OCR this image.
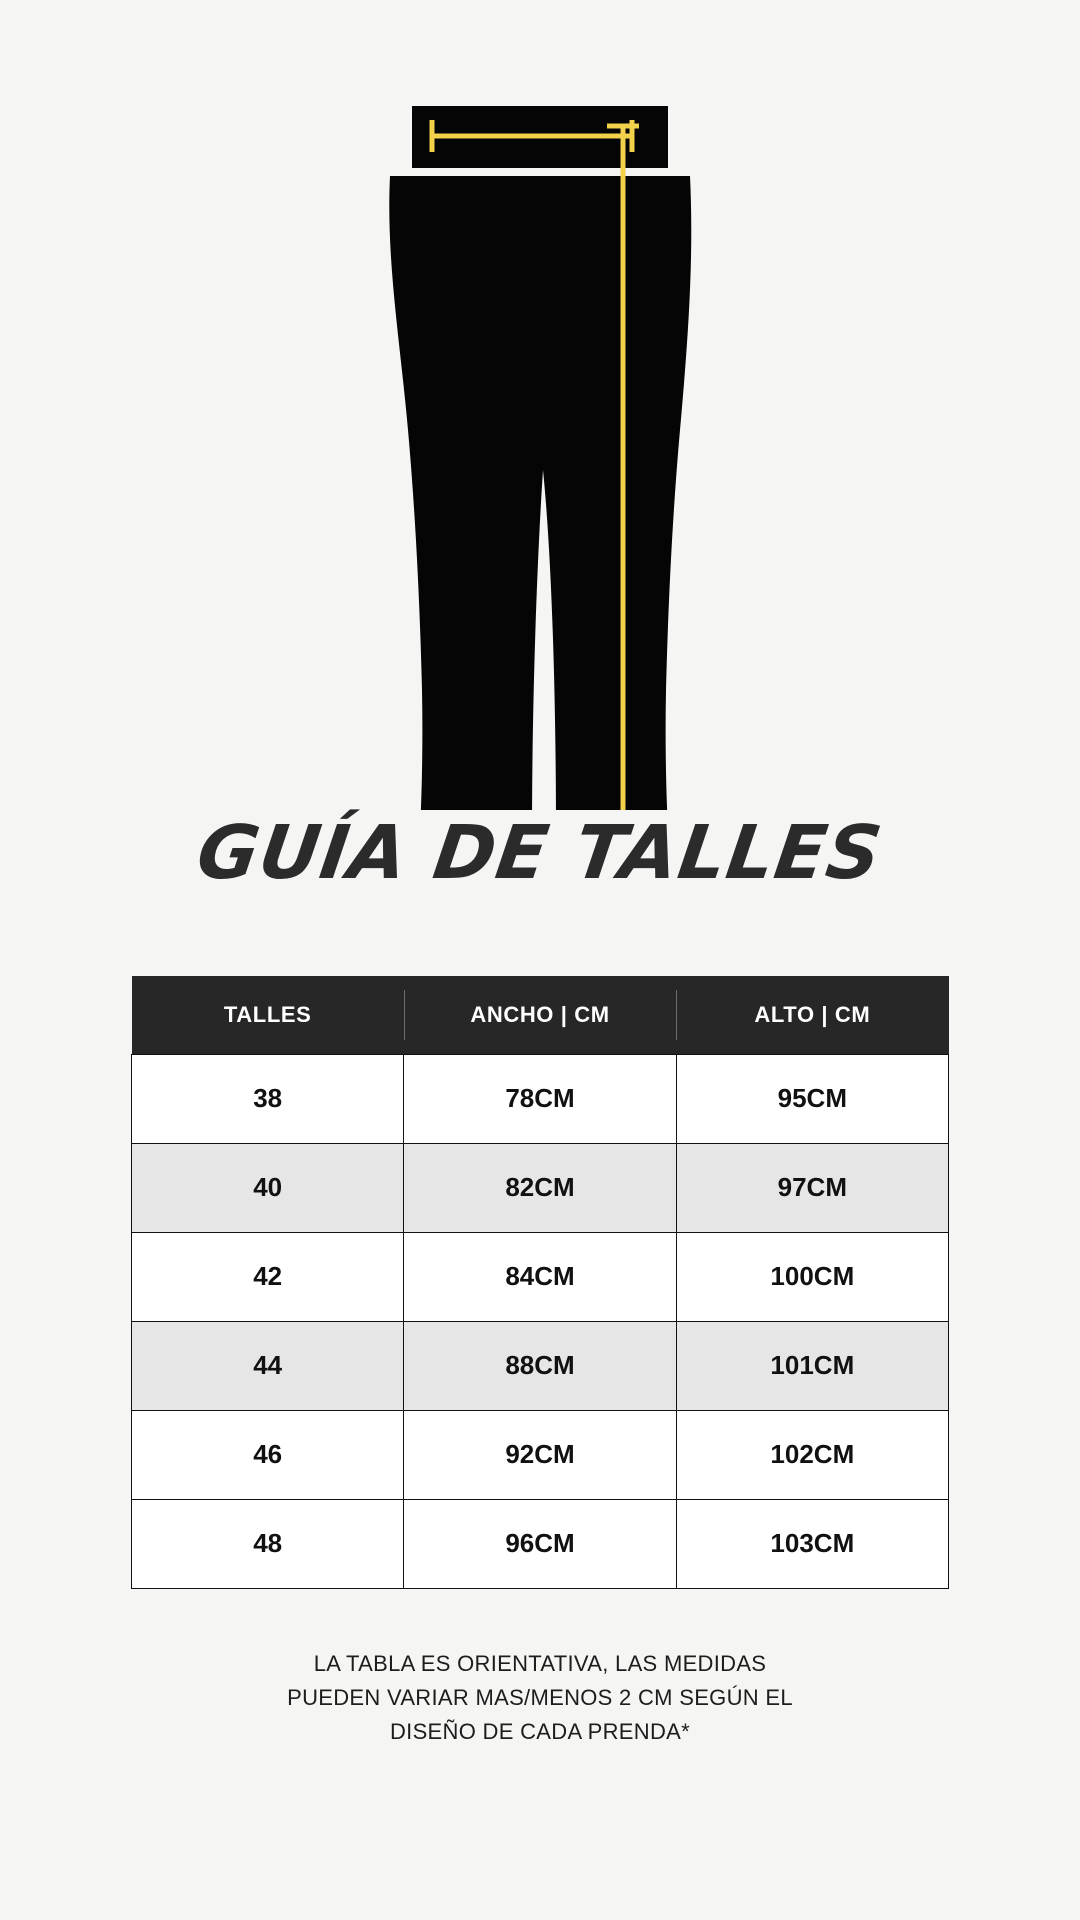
GUÍA DE TALLES
TALLES	ANCHO | CM	ALTO | CM
38	78CM	95CM
40	82CM	97CM
42	84CM	100CM
44	88CM	101CM
46	92CM	102CM
48	96CM	103CM
LA TABLA ES ORIENTATIVA, LAS MEDIDAS
PUEDEN VARIAR MAS/MENOS 2 CM SEGÚN EL
DISEÑO DE CADA PRENDA*
